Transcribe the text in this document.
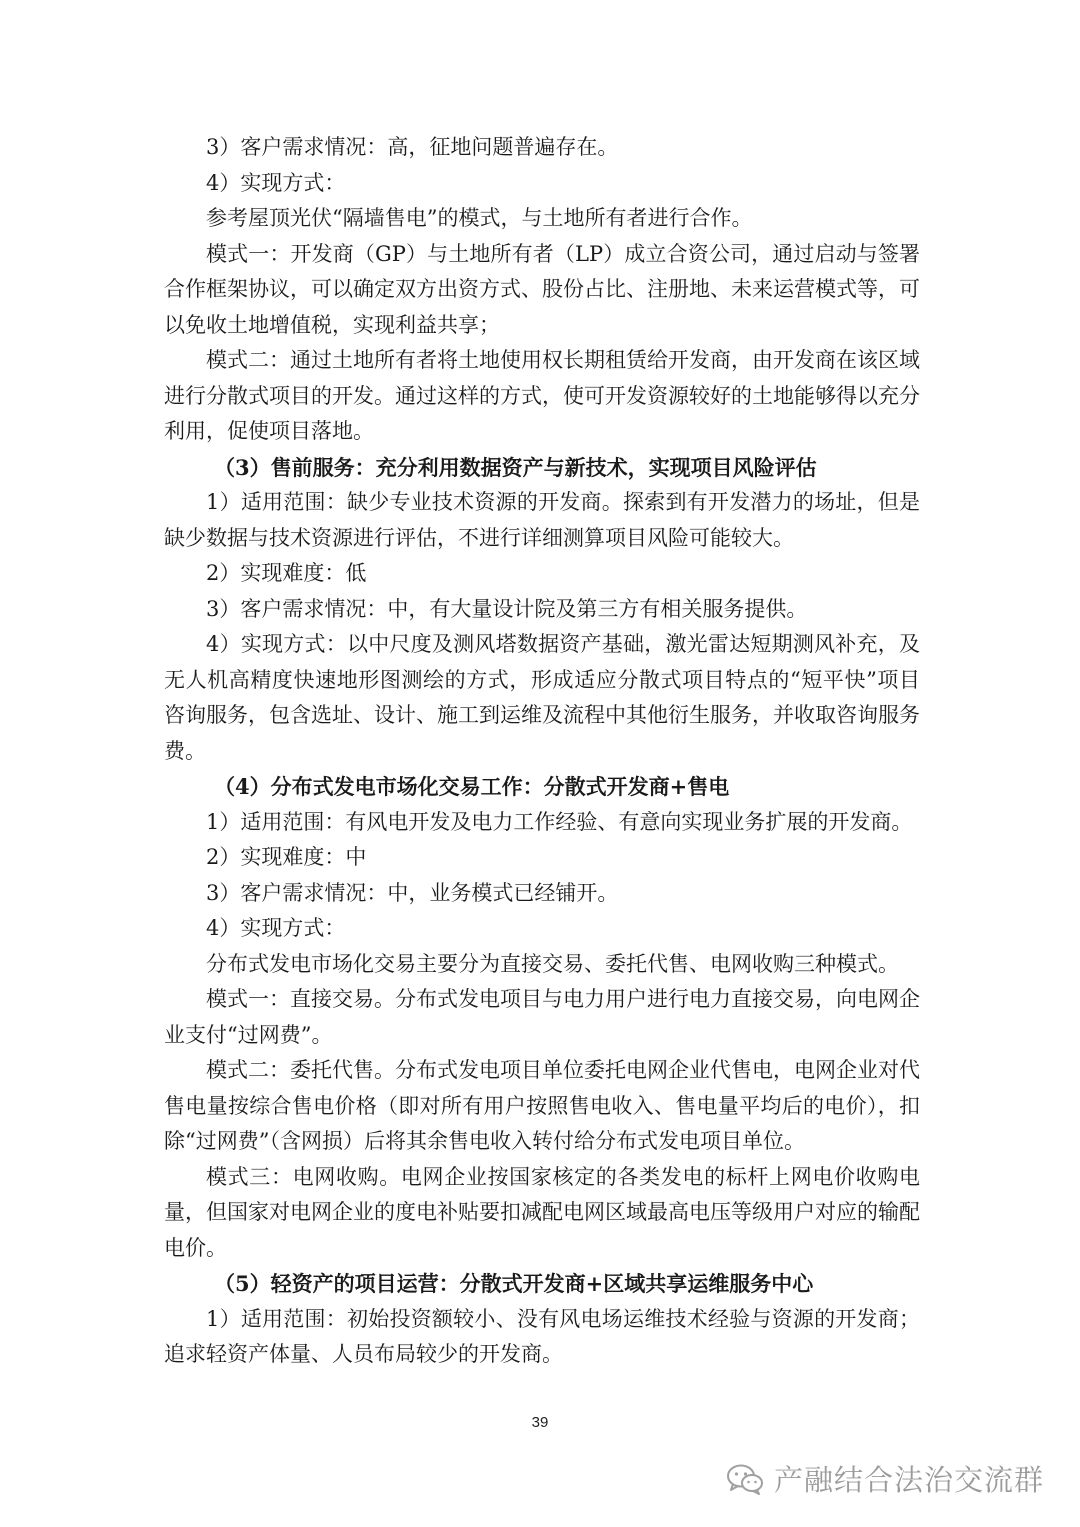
3）客户需求情况：高，征地问题普遍存在。

4）实现方式：

参考屋顶光伏“隔墙售电”的模式，与土地所有者进行合作。

模式一：开发商（GP）与土地所有者（LP）成立合资公司，通过启动与签署合作框架协议，可以确定双方出资方式、股份占比、注册地、未来运营模式等，可以免收土地增值税，实现利益共享；

模式二：通过土地所有者将土地使用权长期租赁给开发商，由开发商在该区域进行分散式项目的开发。通过这样的方式，使可开发资源较好的土地能够得以充分利用，促使项目落地。

（3）售前服务：充分利用数据资产与新技术，实现项目风险评估

1）适用范围：缺少专业技术资源的开发商。探索到有开发潜力的场址，但是缺少数据与技术资源进行评估，不进行详细测算项目风险可能较大。

2）实现难度：低

3）客户需求情况：中，有大量设计院及第三方有相关服务提供。

4）实现方式：以中尺度及测风塔数据资产基础，激光雷达短期测风补充，及无人机高精度快速地形图测绘的方式，形成适应分散式项目特点的“短平快”项目咨询服务，包含选址、设计、施工到运维及流程中其他衍生服务，并收取咨询服务费。

（4）分布式发电市场化交易工作：分散式开发商+售电

1）适用范围：有风电开发及电力工作经验、有意向实现业务扩展的开发商。

2）实现难度：中

3）客户需求情况：中，业务模式已经铺开。

4）实现方式：

分布式发电市场化交易主要分为直接交易、委托代售、电网收购三种模式。

模式一：直接交易。分布式发电项目与电力用户进行电力直接交易，向电网企业支付“过网费”。

模式二：委托代售。分布式发电项目单位委托电网企业代售电，电网企业对代售电量按综合售电价格（即对所有用户按照售电收入、售电量平均后的电价），扣除“过网费”（含网损）后将其余售电收入转付给分布式发电项目单位。

模式三：电网收购。电网企业按国家核定的各类发电的标杆上网电价收购电量，但国家对电网企业的度电补贴要扣减配电网区域最高电压等级用户对应的输配电价。

（5）轻资产的项目运营：分散式开发商+区域共享运维服务中心

1）适用范围：初始投资额较小、没有风电场运维技术经验与资源的开发商；追求轻资产体量、人员布局较少的开发商。

39
产融结合法治交流群
